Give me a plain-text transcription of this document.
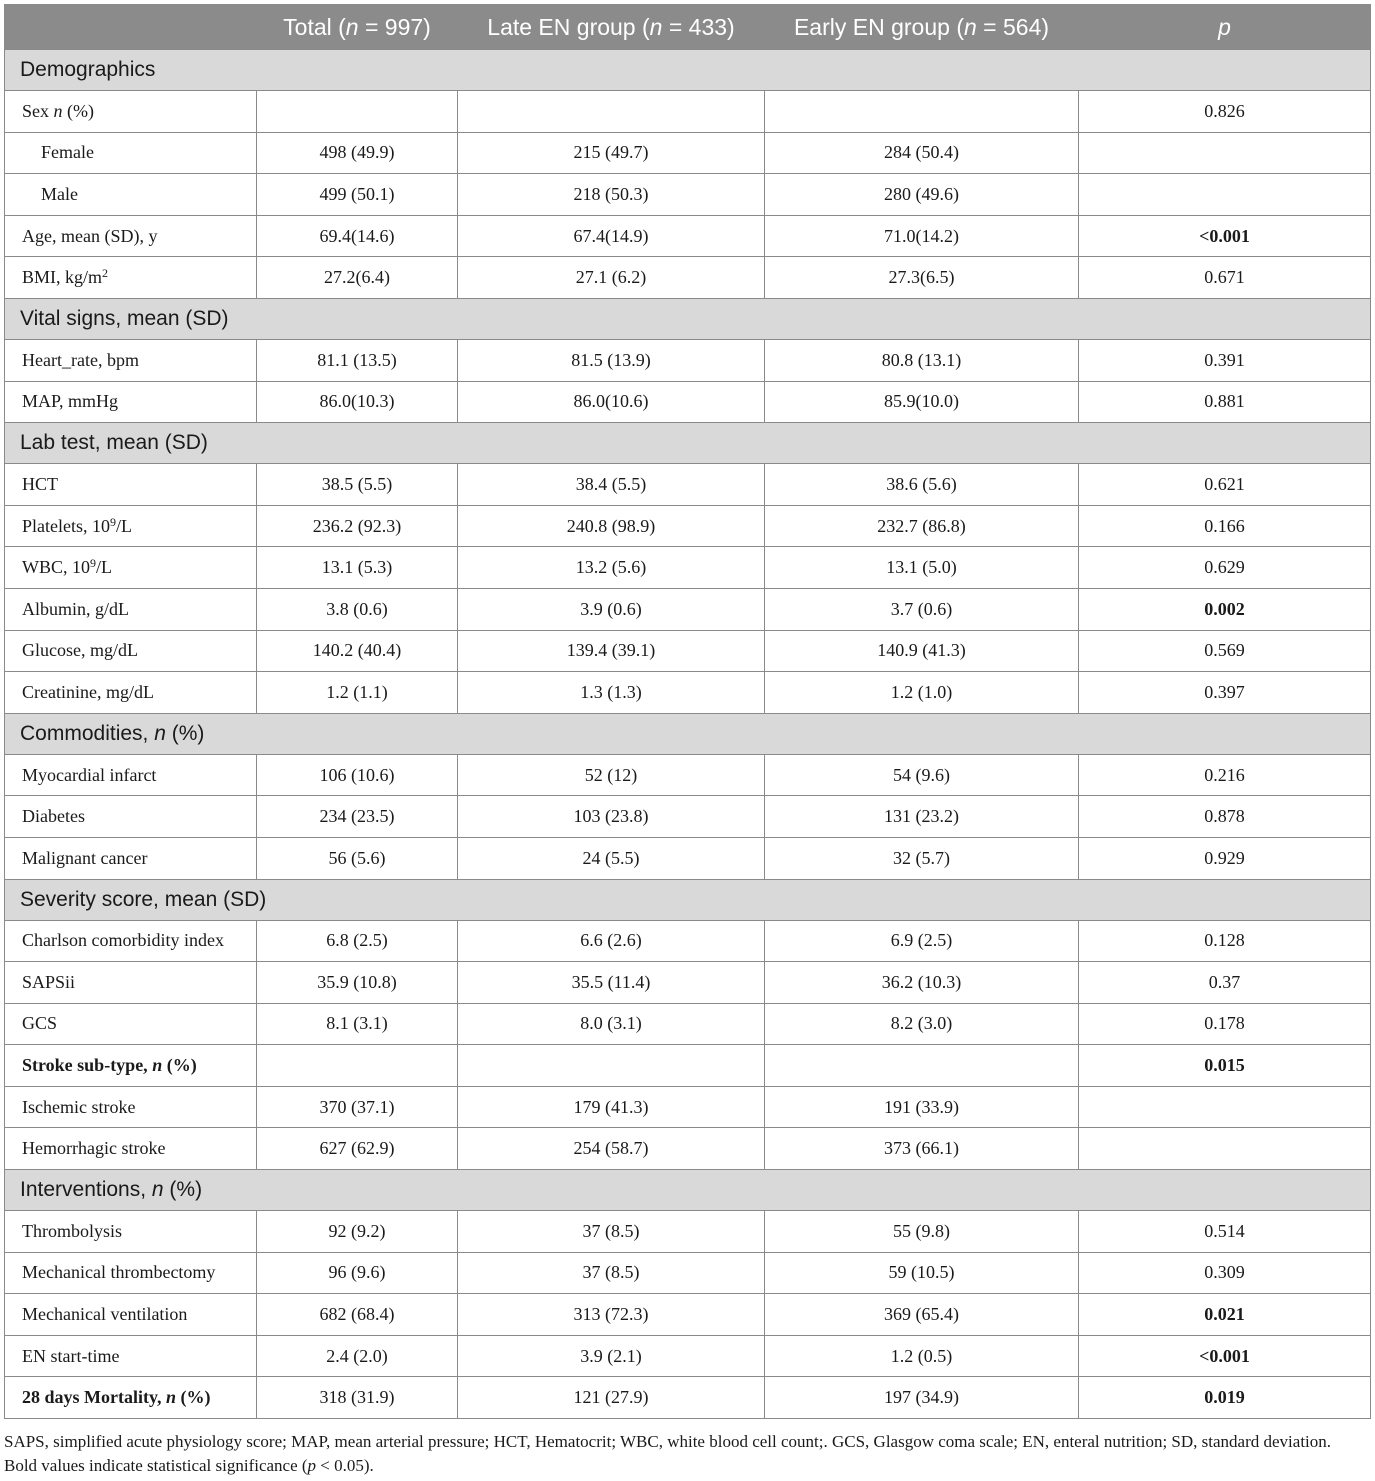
	Total (n = 997)	Late EN group (n = 433)	Early EN group (n = 564)	p
Demographics				
Sex n (%)				0.826
Female	498 (49.9)	215 (49.7)	284 (50.4)	
Male	499 (50.1)	218 (50.3)	280 (49.6)	
Age, mean (SD), y	69.4(14.6)	67.4(14.9)	71.0(14.2)	<0.001
BMI, $kg/m^2$	27.2(6.4)	27.1 (6.2)	27.3(6.5)	0.671
Vital signs, mean (SD)				
Heart_rate, bpm	81.1 (13.5)	81.5 (13.9)	80.8 (13.1)	0.391
MAP, mmHg	86.0(10.3)	86.0(10.6)	85.9(10.0)	0.881
Lab test, mean (SD)				
HCT	38.5 (5.5)	38.4 (5.5)	38.6 (5.6)	0.621
Platelets, $10^9/L$	236.2 (92.3)	240.8 (98.9)	232.7 (86.8)	0.166
WBC, $10^9/L$	13.1 (5.3)	13.2 (5.6)	13.1 (5.0)	0.629
Albumin, g/dL	3.8 (0.6)	3.9 (0.6)	3.7 (0.6)	0.002
Glucose, mg/dL	140.2 (40.4)	139.4 (39.1)	140.9 (41.3)	0.569
Creatinine, mg/dL	1.2 (1.1)	1.3 (1.3)	1.2 (1.0)	0.397
Commodities, n (%)				
Myocardial infarct	106 (10.6)	52 (12)	54 (9.6)	0.216
Diabetes	234 (23.5)	103 (23.8)	131 (23.2)	0.878
Malignant cancer	56 (5.6)	24 (5.5)	32 (5.7)	0.929
Severity score, mean (SD)				
Charlson comorbidity index	6.8 (2.5)	6.6 (2.6)	6.9 (2.5)	0.128
SAPSii	35.9 (10.8)	35.5 (11.4)	36.2 (10.3)	0.37
GCS	8.1 (3.1)	8.0 (3.1)	8.2 (3.0)	0.178
Stroke sub-type, n (%)				0.015
Ischemic stroke	370 (37.1)	179 (41.3)	191 (33.9)	
Hemorrhagic stroke	627 (62.9)	254 (58.7)	373 (66.1)	
Interventions, n (%)				
Thrombolysis	92 (9.2)	37 (8.5)	55 (9.8)	0.514
Mechanical thrombectomy	96 (9.6)	37 (8.5)	59 (10.5)	0.309
Mechanical ventilation	682 (68.4)	313 (72.3)	369 (65.4)	0.021
EN start-time	2.4 (2.0)	3.9 (2.1)	1.2 (0.5)	<0.001
28 days Mortality, n (%)	318 (31.9)	121 (27.9)	197 (34.9)	0.019

SAPS, simplified acute physiology score; MAP, mean arterial pressure; HCT, Hematocrit; WBC, white blood cell count;. GCS, Glasgow coma scale; EN, enteral nutrition; SD, standard deviation.

Bold values indicate statistical significance (p < 0.05).
